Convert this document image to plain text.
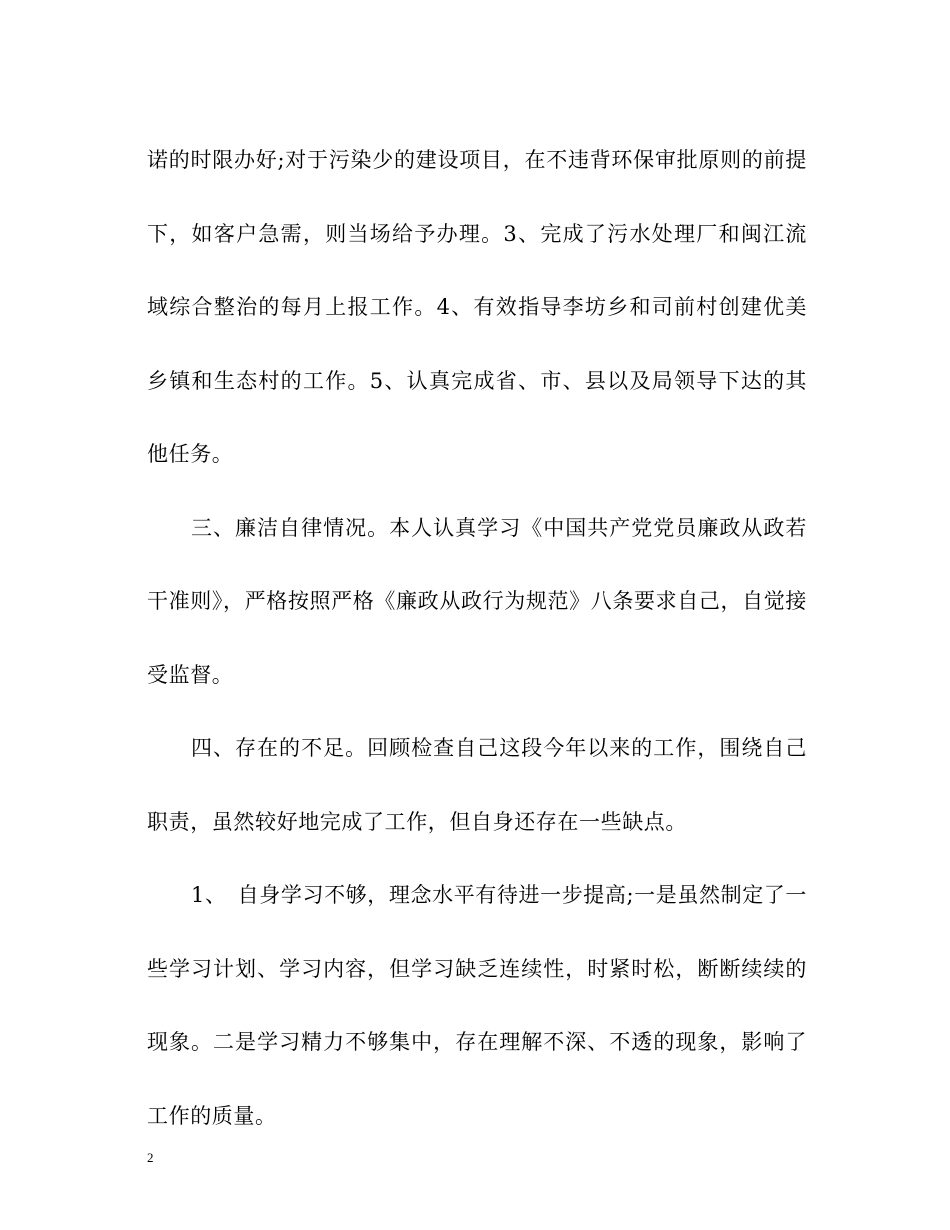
诺的时限办好;对于污染少的建设项目，在不违背环保审批原则的前提下，如客户急需，则当场给予办理。3、完成了污水处理厂和闽江流域综合整治的每月上报工作。4、有效指导李坊乡和司前村创建优美乡镇和生态村的工作。5、认真完成省、市、县以及局领导下达的其他任务。

三、廉洁自律情况。本人认真学习《中国共产党党员廉政从政若干准则》，严格按照严格《廉政从政行为规范》八条要求自己，自觉接受监督。

四、存在的不足。回顾检查自己这段今年以来的工作，围绕自己职责，虽然较好地完成了工作，但自身还存在一些缺点。

1、　自身学习不够，理念水平有待进一步提高;一是虽然制定了一些学习计划、学习内容，但学习缺乏连续性，时紧时松，断断续续的现象。二是学习精力不够集中，存在理解不深、不透的现象，影响了工作的质量。

2
